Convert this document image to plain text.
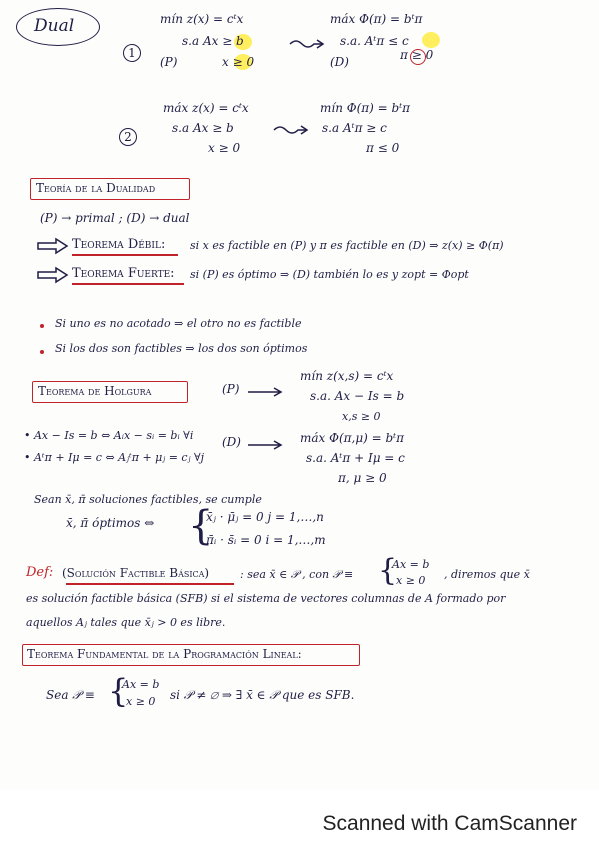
Dual
1
mín z(x) = cᵗx
s.a Ax ≥ b
(P)	x ≥ 0
máx Φ(π) = bᵗπ
s.a. Aᵗπ ≤ c
(D)	π ≥ 0
2
máx z(x) = cᵗx
s.a Ax ≥ b
x ≥ 0
mín Φ(π) = bᵗπ
s.a Aᵗπ ≥ c
π ≤ 0
Teoría de la Dualidad
(P) → primal ; (D) → dual
Teorema Débil: si x es factible en (P) y π es factible en (D) ⇒ z(x) ≥ Φ(π)
Teorema Fuerte: si (P) es óptimo ⇒ (D) también lo es y zopt = Φopt
Si uno es no acotado ⇒ el otro no es factible
Si los dos son factibles ⇒ los dos son óptimos
Teorema de Holgura	(P)
mín z(x,s) = cᵗx
s.a. Ax − Is = b
x,s ≥ 0
• Ax − Is = b ⇔ Aᵢx − sᵢ = bᵢ ∀i (D)	máx Φ(π,μ) = bᵗπ
• Aᵗπ + Iμ = c ⇔ Aⱼᵗπ + μⱼ = cⱼ ∀j	s.a. Aᵗπ + Iμ = c
π, μ ≥ 0
Sean x̄, π̄ soluciones factibles, se cumple
x̄, π̄ óptimos ⇔ {
x̄ⱼ · μ̄ⱼ = 0 j = 1,…,n
π̄ᵢ · s̄ᵢ = 0 i = 1,…,m
Def: (Solución Factible Básica)	: sea x̄ ∈ 𝒫 , con 𝒫 ≡ {
Ax = b
x ≥ 0 , diremos que x̄
es solución factible básica (SFB) si el sistema de vectores columnas de A formado por
aquellos Aⱼ tales que x̄ⱼ > 0 es libre.
Teorema Fundamental de la Programación Lineal:
Sea 𝒫 ≡ {
Ax = b
x ≥ 0 si 𝒫 ≠ ∅ ⇒ ∃ x̄ ∈ 𝒫 que es SFB.
Scanned with CamScanner
